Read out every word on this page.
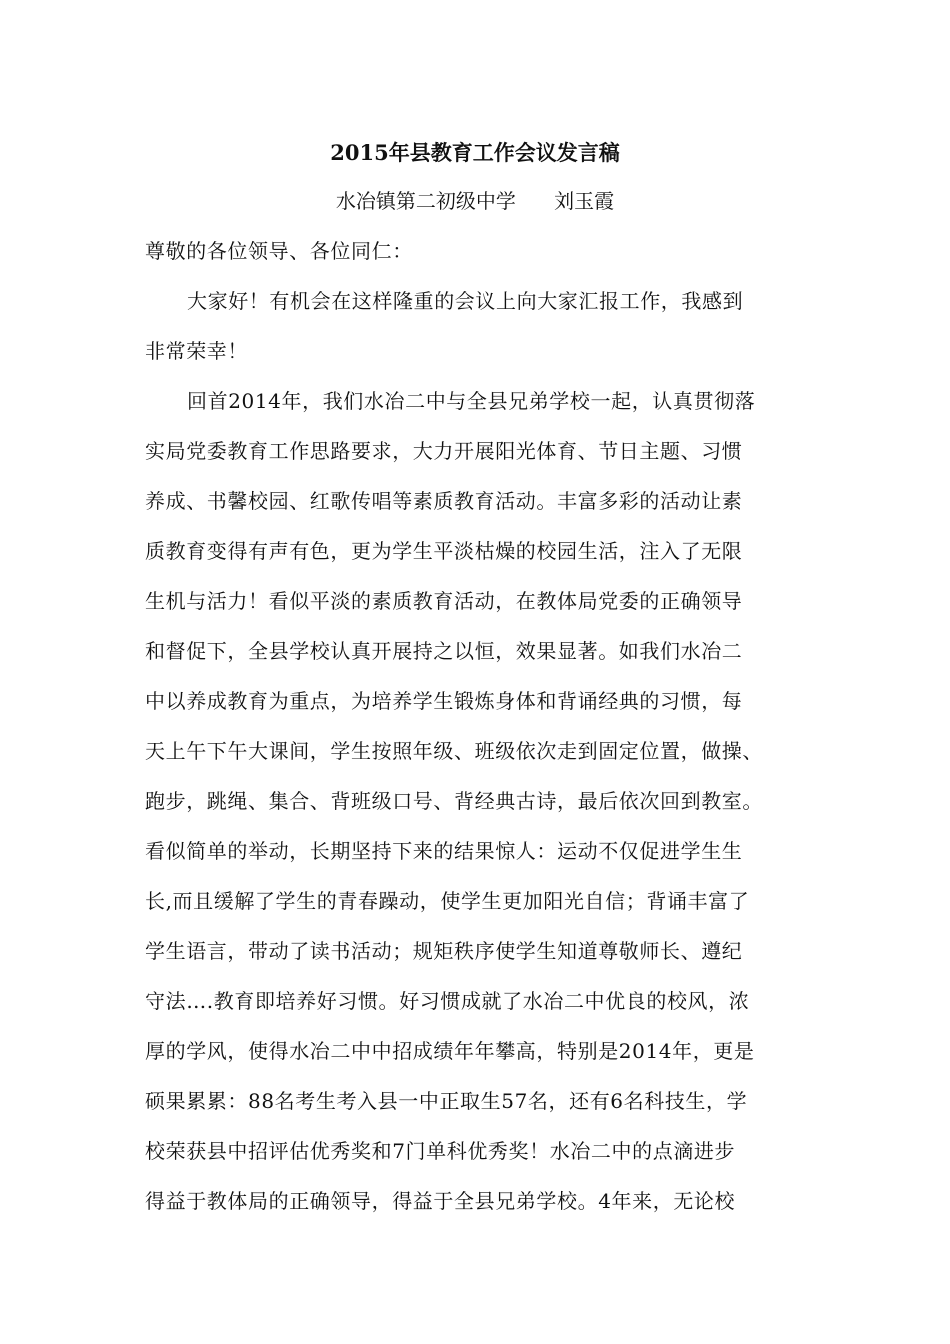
2015年县教育工作会议发言稿
水冶镇第二初级中学      刘玉霞
尊敬的各位领导、各位同仁：
大家好！有机会在这样隆重的会议上向大家汇报工作，我感到
非常荣幸！
回首2014年，我们水冶二中与全县兄弟学校一起，认真贯彻落
实局党委教育工作思路要求，大力开展阳光体育、节日主题、习惯
养成、书馨校园、红歌传唱等素质教育活动。丰富多彩的活动让素
质教育变得有声有色，更为学生平淡枯燥的校园生活，注入了无限
生机与活力！看似平淡的素质教育活动，在教体局党委的正确领导
和督促下，全县学校认真开展持之以恒，效果显著。如我们水冶二
中以养成教育为重点，为培养学生锻炼身体和背诵经典的习惯，每
天上午下午大课间，学生按照年级、班级依次走到固定位置，做操、
跑步，跳绳、集合、背班级口号、背经典古诗，最后依次回到教室。
看似简单的举动，长期坚持下来的结果惊人：运动不仅促进学生生
长,而且缓解了学生的青春躁动，使学生更加阳光自信；背诵丰富了
学生语言，带动了读书活动；规矩秩序使学生知道尊敬师长、遵纪
守法….教育即培养好习惯。好习惯成就了水冶二中优良的校风，浓
厚的学风，使得水冶二中中招成绩年年攀高，特别是2014年，更是
硕果累累：88名考生考入县一中正取生57名，还有6名科技生，学
校荣获县中招评估优秀奖和7门单科优秀奖！水冶二中的点滴进步
得益于教体局的正确领导，得益于全县兄弟学校。4年来，无论校
